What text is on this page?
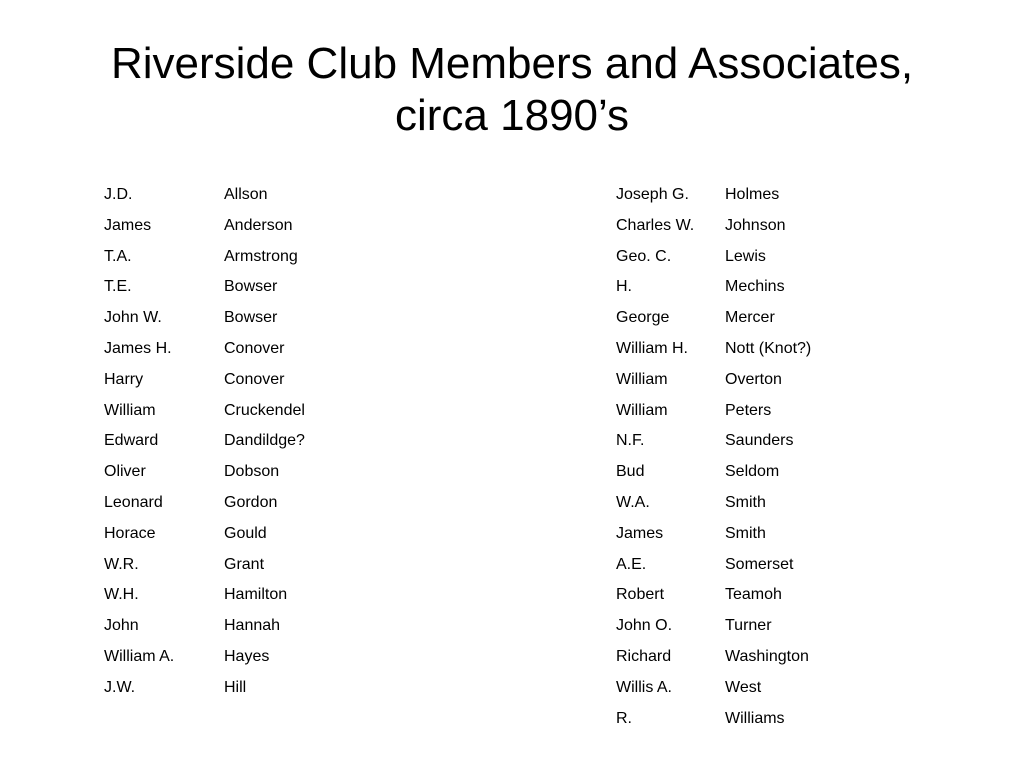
Riverside Club Members and Associates,
circa 1890’s
J.D.	Allson
James	Anderson
T.A.	Armstrong
T.E.	Bowser
John W.	Bowser
James H.	Conover
Harry	Conover
William	Cruckendel
Edward	Dandildge?
Oliver	Dobson
Leonard	Gordon
Horace	Gould
W.R.	Grant
W.H.	Hamilton
John	Hannah
William A.	Hayes
J.W.	Hill
Joseph G.	Holmes
Charles W.	Johnson
Geo. C.	Lewis
H.	Mechins
George	Mercer
William H.	Nott (Knot?)
William	Overton
William	Peters
N.F.	Saunders
Bud	Seldom
W.A.	Smith
James	Smith
A.E.	Somerset
Robert	Teamoh
John O.	Turner
Richard	Washington
Willis A.	West
R.	Williams
